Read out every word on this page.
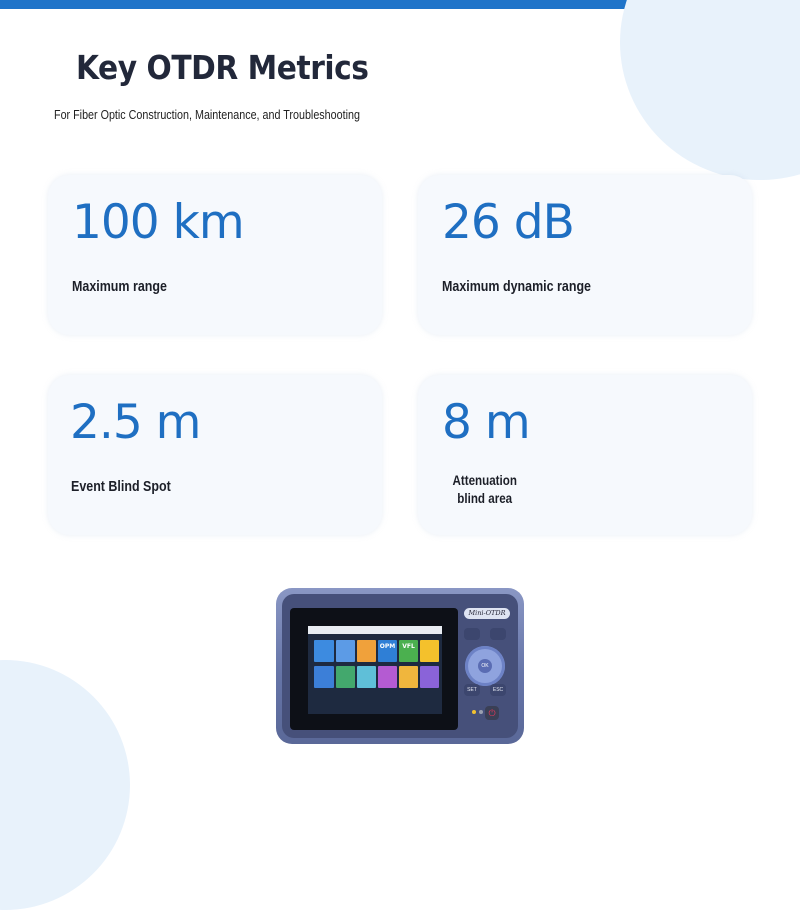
Key OTDR Metrics

For Fiber Optic Construction, Maintenance, and Troubleshooting

100 km
Maximum range
26 dB
Maximum dynamic range
2.5 m
Event Blind Spot
8 m
Attenuation blind area
OPM	VFL
Mini-OTDR
OK
SET	ESC
⏻
